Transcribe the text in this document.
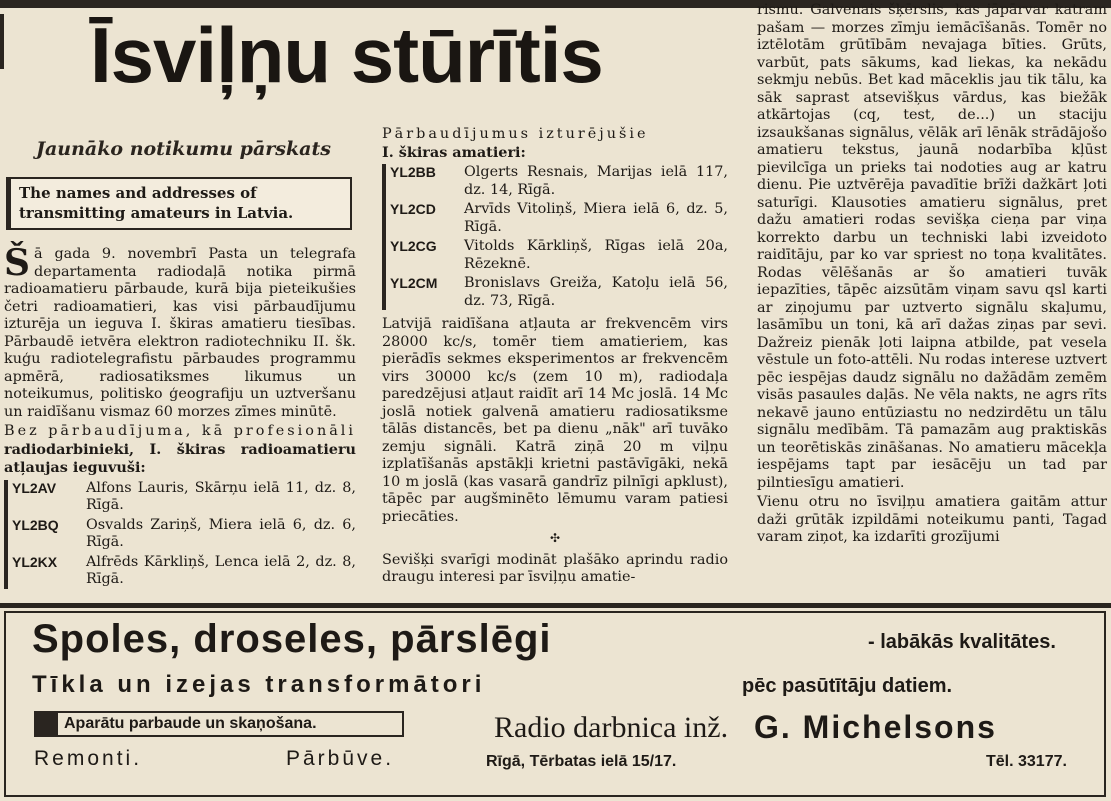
Īsviļņu stūrītis
Jaunāko notikumu pārskats
The names and addresses of transmitting amateurs in Latvia.

Šā gada 9. novembrī Pasta un telegrafa departamenta radiodaļā notika pirmā radioamatieru pārbaude, kurā bija pieteikušies četri radioamatieri, kas visi pārbaudījumu izturēja un ieguva I. škiras amatieru tiesības. Pārbaudē ietvēra elektron radiotechniku II. šk. kuģu radiotelegrafistu pārbaudes programmu apmērā, radiosatiksmes likumus un noteikumus, politisko ģeografiju un uztveršanu un raidīšanu vismaz 60 morzes zīmes minūtē.

Bez pārbaudījuma, kā profesionāli radiodarbinieki, I. škiras radioamatieru atļaujas ieguvuši:

YL2AV	Alfons Lauris, Skārņu ielā 11, dz. 8, Rīgā.
YL2BQ	Osvalds Zariņš, Miera ielā 6, dz. 6, Rīgā.
YL2KX	Alfrēds Kārkliņš, Lenca ielā 2, dz. 8, Rīgā.

Pārbaudījumus izturējušie
I. škiras amatieri:

YL2BB	Olgerts Resnais, Marijas ielā 117, dz. 14, Rīgā.
YL2CD	Arvīds Vitoliņš, Miera ielā 6, dz. 5, Rīgā.
YL2CG	Vitolds Kārkliņš, Rīgas ielā 20a, Rēzeknē.
YL2CM	Bronislavs Greiža, Katoļu ielā 56, dz. 73, Rīgā.

Latvijā raidīšana atļauta ar frekvencēm virs 28000 kc/s, tomēr tiem amatieriem, kas pierādīs sekmes eksperimentos ar frekvencēm virs 30000 kc/s (zem 10 m), radiodaļa paredzējusi atļaut raidīt arī 14 Mc joslā. 14 Mc joslā notiek galvenā amatieru radiosatiksme tālās distancēs, bet pa dienu „nāk" arī tuvāko zemju signāli. Katrā ziņā 20 m viļņu izplatīšanās apstākļi krietni pastāvīgāki, nekā 10 m joslā (kas vasarā gandrīz pilnīgi apklust), tāpēc par augšminēto lēmumu varam patiesi priecāties.

✣

Sevišķi svarīgi modināt plašāko aprindu radio draugu interesi par īsviļņu amatie-

rismu. Galvenais šķērslis, kas jāpārvar katram pašam — morzes zīmju iemācīšanās. Tomēr no iztēlotām grūtībām nevajaga bīties. Grūts, varbūt, pats sākums, kad liekas, ka nekādu sekmju nebūs. Bet kad māceklis jau tik tālu, ka sāk saprast atsevišķus vārdus, kas biežāk atkārtojas (cq, test, de...) un staciju izsaukšanas signālus, vēlāk arī lēnāk strādājošo amatieru tekstus, jaunā nodarbība kļūst pievilcīga un prieks tai nodoties aug ar katru dienu. Pie uztvērēja pavadītie brīži dažkārt ļoti saturīgi. Klausoties amatieru signālus, pret dažu amatieri rodas sevišķa cieņa par viņa korrekto darbu un techniski labi izveidoto raidītāju, par ko var spriest no toņa kvalitātes. Rodas vēlēšanās ar šo amatieri tuvāk iepazīties, tāpēc aizsūtām viņam savu qsl karti ar ziņojumu par uztverto signālu skaļumu, lasāmību un toni, kā arī dažas ziņas par sevi. Dažreiz pienāk ļoti laipna atbilde, pat vesela vēstule un foto-attēli. Nu rodas interese uztvert pēc iespējas daudz signālu no dažādām zemēm visās pasaules daļās. Ne vēla nakts, ne agrs rīts nekavē jauno entūziastu no nedzirdētu un tālu signālu medībām. Tā pamazām aug praktiskās un teorētiskās zināšanas. No amatieru mācekļa iespējams tapt par iesācēju un tad par pilntiesīgu amatieri.

Vienu otru no īsviļņu amatiera gaitām attur daži grūtāk izpildāmi noteikumu panti, Tagad varam ziņot, ka izdarīti grozījumi

Spoles, droseles, pārslēgi	- labākās kvalitātes.
Tīkla un izejas transformātori	pēc pasūtītāju datiem.
Aparātu parbaude un skaņošana.
Remonti.	Pārbūve.
Radio darbnica inž. G. Michelsons
Rīgā, Tērbatas ielā 15/17.	Tēl. 33177.
